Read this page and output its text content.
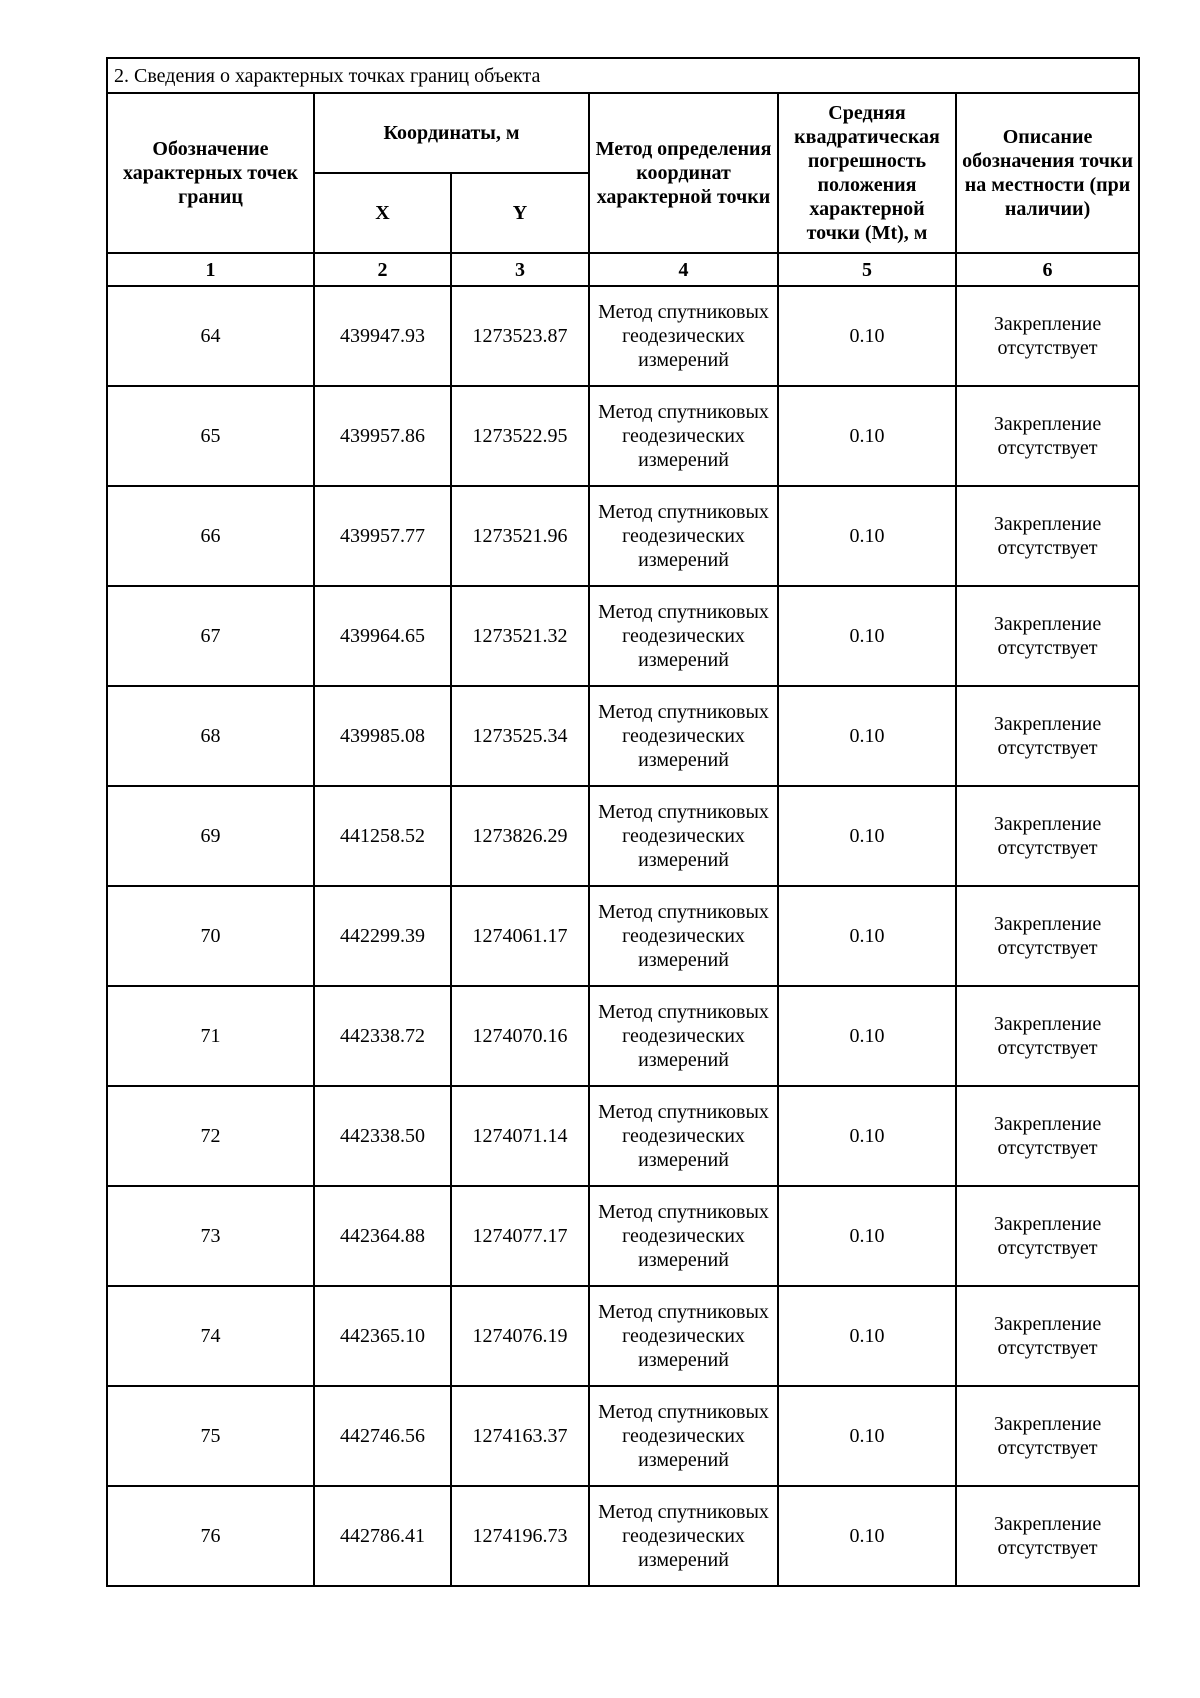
2. Сведения о характерных точках границ объекта					
Обозначение характерных точек границ	Координаты, м		Метод определения координат характерной точки	Средняя квадратическая погрешность положения характерной точки (Mt), м	Описание обозначения точки на местности (при наличии)
	X	Y			
1	2	3	4	5	6
64	439947.93	1273523.87	Метод спутниковых геодезических измерений	0.10	Закрепление отсутствует
65	439957.86	1273522.95	Метод спутниковых геодезических измерений	0.10	Закрепление отсутствует
66	439957.77	1273521.96	Метод спутниковых геодезических измерений	0.10	Закрепление отсутствует
67	439964.65	1273521.32	Метод спутниковых геодезических измерений	0.10	Закрепление отсутствует
68	439985.08	1273525.34	Метод спутниковых геодезических измерений	0.10	Закрепление отсутствует
69	441258.52	1273826.29	Метод спутниковых геодезических измерений	0.10	Закрепление отсутствует
70	442299.39	1274061.17	Метод спутниковых геодезических измерений	0.10	Закрепление отсутствует
71	442338.72	1274070.16	Метод спутниковых геодезических измерений	0.10	Закрепление отсутствует
72	442338.50	1274071.14	Метод спутниковых геодезических измерений	0.10	Закрепление отсутствует
73	442364.88	1274077.17	Метод спутниковых геодезических измерений	0.10	Закрепление отсутствует
74	442365.10	1274076.19	Метод спутниковых геодезических измерений	0.10	Закрепление отсутствует
75	442746.56	1274163.37	Метод спутниковых геодезических измерений	0.10	Закрепление отсутствует
76	442786.41	1274196.73	Метод спутниковых геодезических измерений	0.10	Закрепление отсутствует
